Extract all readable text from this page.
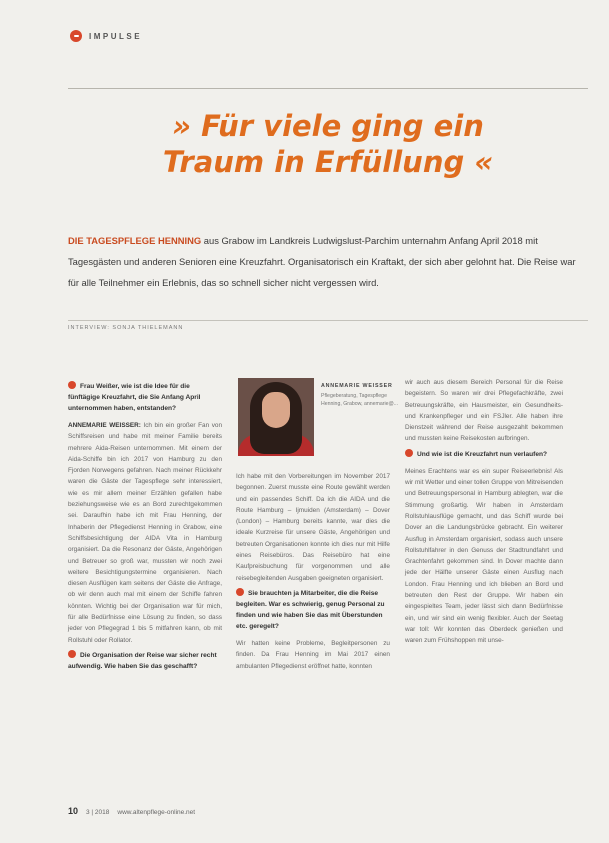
IMPULSE
» Für viele ging ein
Traum in Erfüllung «
DIE TAGESPFLEGE HENNING aus Grabow im Landkreis Ludwigslust-Parchim unternahm Anfang April 2018 mit Tagesgästen und anderen Senioren eine Kreuzfahrt. Organisatorisch ein Kraftakt, der sich aber gelohnt hat. Die Reise war für alle Teilnehmer ein Erlebnis, das so schnell sicher nicht vergessen wird.
INTERVIEW: SONJA THIELEMANN

Frau Weißer, wie ist die Idee für die fünftägige Kreuzfahrt, die Sie Anfang April unternommen haben, entstanden?

ANNEMARIE WEISSER: Ich bin ein großer Fan von Schiffsreisen und habe mit meiner Familie bereits mehrere Aida-Reisen unternommen. Mit einem der Aida-Schiffe bin ich 2017 von Hamburg zu den Fjorden Norwegens gefahren. Nach meiner Rückkehr waren die Gäste der Tagespflege sehr interessiert, wie es mir allem meiner Erzählen gefallen habe beziehungsweise wie es an Bord zurechtgekommen sei. Daraufhin habe ich mit Frau Henning, der Inhaberin der Pflegedienst Henning in Grabow, eine Schiffsbesichtigung der AIDA Vita in Hamburg organisiert. Da die Resonanz der Gäste, Angehörigen und Betreuer so groß war, mussten wir noch zwei weitere Besichtigungstermine organisieren. Nach diesen Ausflügen kam seitens der Gäste die Anfrage, ob wir denn auch mal mit einem der Schiffe fahren könnten. Wichtig bei der Organisation war für mich, für alle Bedürfnisse eine Lösung zu finden, so dass jeder von Pflegegrad 1 bis 5 mitfahren kann, ob mit Rollstuhl oder Rollator.

Die Organisation der Reise war sicher recht aufwendig. Wie haben Sie das geschafft?

ANNEMARIE WEISSER
Pflegeberatung, Tagespflege Henning, Grabow, annemarie@...

Ich habe mit den Vorbereitungen im November 2017 begonnen. Zuerst musste eine Route gewählt werden und ein passendes Schiff. Da ich die AIDA und die Route Hamburg – Ijmuiden (Amsterdam) – Dover (London) – Hamburg bereits kannte, war dies die ideale Kurzreise für unsere Gäste, Angehörigen und betreuten Organisationen konnte ich dies nur mit Hilfe eines Reisebüros. Das Reisebüro hat eine Kaufpreisbuchung für vorgenommen und alle reisebegleitenden Ausgaben geeigneten organisiert.

Sie brauchten ja Mitarbeiter, die die Reise begleiten. War es schwierig, genug Personal zu finden und wie haben Sie das mit Überstunden etc. geregelt?

Wir hatten keine Probleme, Begleitpersonen zu finden. Da Frau Henning im Mai 2017 einen ambulanten Pflegedienst eröffnet hatte, konnten

wir auch aus diesem Bereich Personal für die Reise begeistern. So waren wir drei Pflegefachkräfte, zwei Betreuungskräfte, ein Hausmeister, ein Gesundheits- und Krankenpfleger und ein FSJler. Alle haben ihre Dienstzeit während der Reise ausgezahlt bekommen und mussten keine Reisekosten aufbringen.

Und wie ist die Kreuzfahrt nun verlaufen?

Meines Erachtens war es ein super Reiseerlebnis! Als wir mit Wetter und einer tollen Gruppe von Mitreisenden und Betreuungspersonal in Hamburg ablegten, war die Stimmung großartig. Wir haben in Amsterdam Rollstuhlausflüge gemacht, und das Schiff wurde bei Dover an die Landungsbrücke gebracht. Ein weiterer Ausflug in Amsterdam organisiert, sodass auch unsere Rollstuhlfahrer in den Genuss der Stadtrundfahrt und Grachtenfahrt gekommen sind. In Dover machte dann jede der Hälfte unserer Gäste einen Ausflug nach London. Frau Henning und ich blieben an Bord und betreuten den Rest der Gruppe. Wir haben ein eingespieltes Team, jeder lässt sich dann Bedürfnisse ein, und wir sind ein wenig flexibler. Auch der Seetag war toll: Wir konnten das Oberdeck genießen und waren zum Frühshoppen mit unse-

10 3 | 2018 www.altenpflege-online.net
